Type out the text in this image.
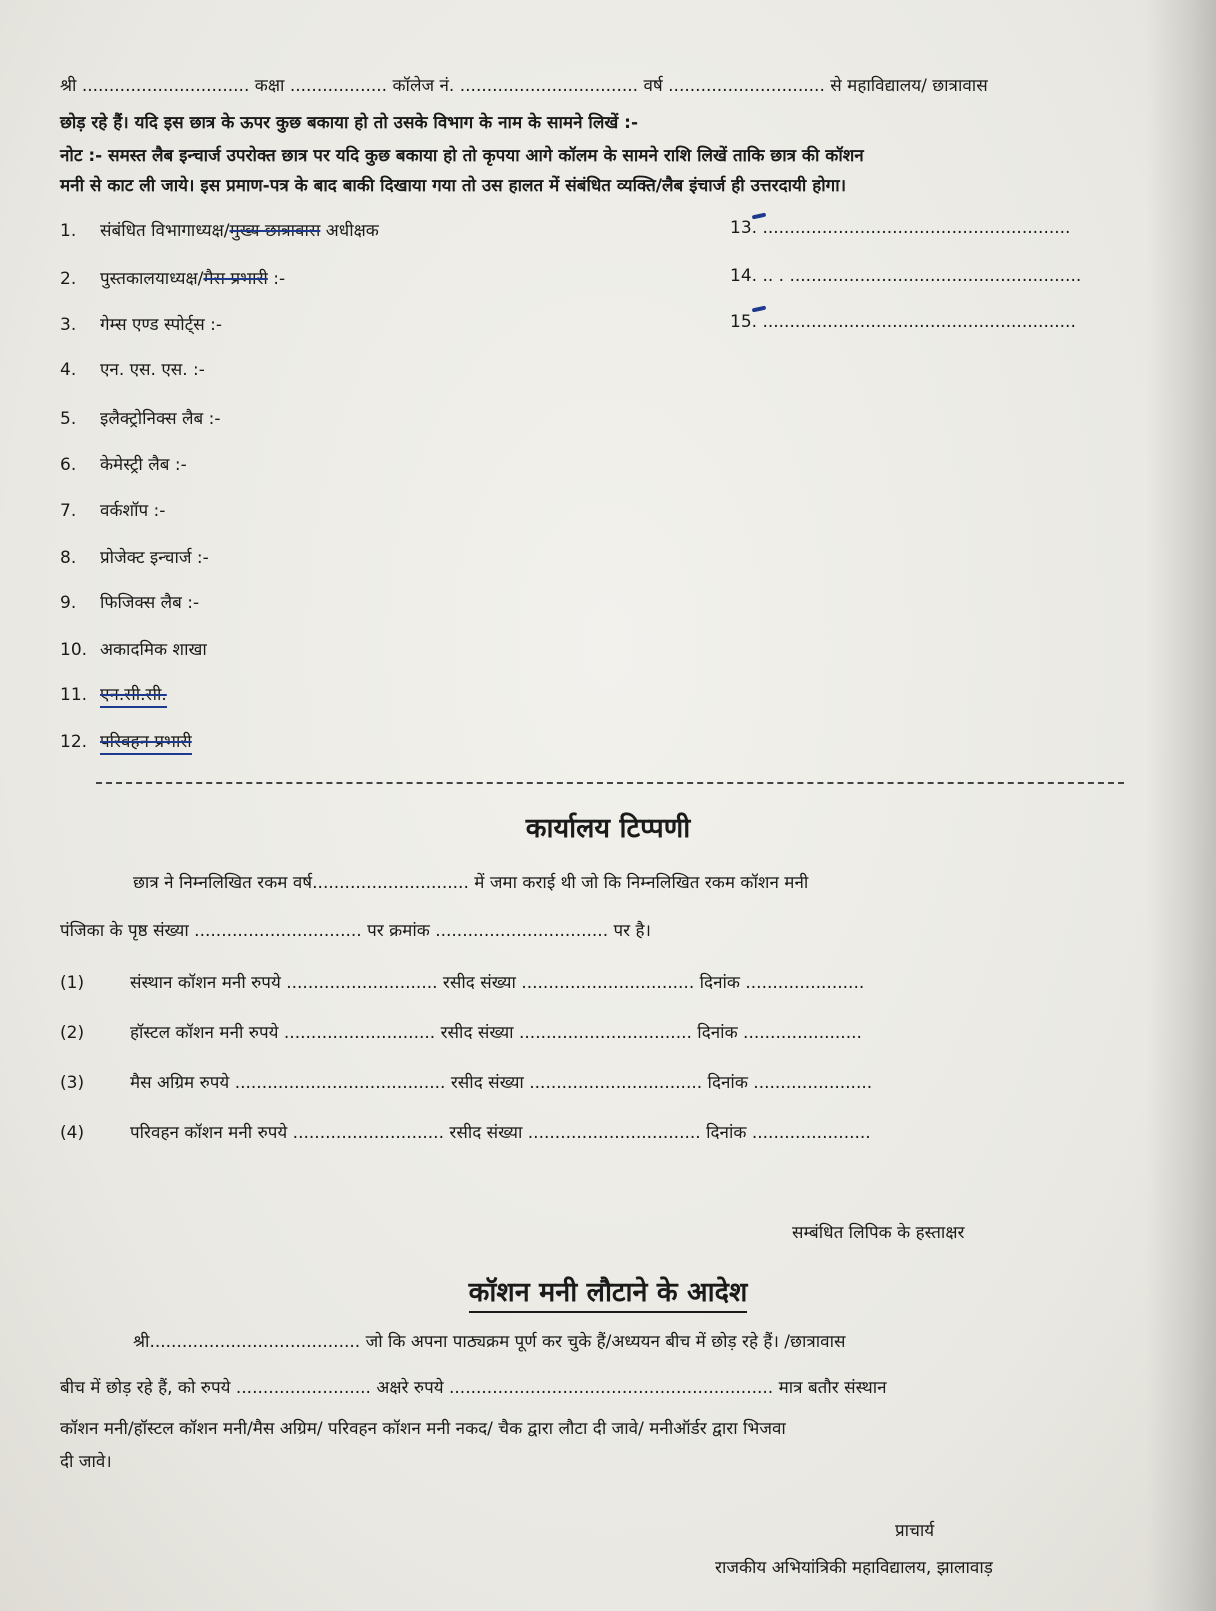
श्री ............................... कक्षा .................. कॉलेज नं. ................................. वर्ष ............................. से महाविद्यालय/ छात्रावास
छोड़ रहे हैं। यदि इस छात्र के ऊपर कुछ बकाया हो तो उसके विभाग के नाम के सामने लिखें :-
नोट :- समस्त लैब इन्चार्ज उपरोक्त छात्र पर यदि कुछ बकाया हो तो कृपया आगे कॉलम के सामने राशि लिखें ताकि छात्र की कॉशन
मनी से काट ली जाये। इस प्रमाण-पत्र के बाद बाकी दिखाया गया तो उस हालत में संबंधित व्यक्ति/लैब इंचार्ज ही उत्तरदायी होगा।
1. संबंधित विभागाध्यक्ष/मुख्य छात्रावास अधीक्षक
2. पुस्तकालयाध्यक्ष/मैस प्रभारी :-
3. गेम्स एण्ड स्पोर्ट्स :-
4. एन. एस. एस. :-
5. इलैक्ट्रोनिक्स लैब :-
6. केमेस्ट्री लैब :-
7. वर्कशॉप :-
8. प्रोजेक्ट इन्चार्ज :-
9. फिजिक्स लैब :-
10. अकादमिक शाखा
11. एन.सी.सी.
12. परिवहन प्रभारी
13. .........................................................
14. .. . ......................................................
15. ..........................................................
कार्यालय टिप्पणी
छात्र ने निम्नलिखित रकम वर्ष............................. में जमा कराई थी जो कि निम्नलिखित रकम कॉशन मनी
पंजिका के पृष्ठ संख्या ............................... पर क्रमांक ................................ पर है।
(1)	संस्थान कॉशन मनी रुपये ............................ रसीद संख्या ................................ दिनांक ......................
(2)	हॉस्टल कॉशन मनी रुपये ............................ रसीद संख्या ................................ दिनांक ......................
(3)	मैस अग्रिम रुपये ....................................... रसीद संख्या ................................ दिनांक ......................
(4)	परिवहन कॉशन मनी रुपये ............................ रसीद संख्या ................................ दिनांक ......................
सम्बंधित लिपिक के हस्ताक्षर
कॉशन मनी लौटाने के आदेश
श्री....................................... जो कि अपना पाठ्यक्रम पूर्ण कर चुके हैं/अध्ययन बीच में छोड़ रहे हैं। /छात्रावास
बीच में छोड़ रहे हैं, को रुपये ......................... अक्षरे रुपये ............................................................ मात्र बतौर संस्थान
कॉशन मनी/हॉस्टल कॉशन मनी/मैस अग्रिम/ परिवहन कॉशन मनी नकद/ चैक द्वारा लौटा दी जावे/ मनीऑर्डर द्वारा भिजवा
दी जावे।
प्राचार्य
राजकीय अभियांत्रिकी महाविद्यालय, झालावाड़
